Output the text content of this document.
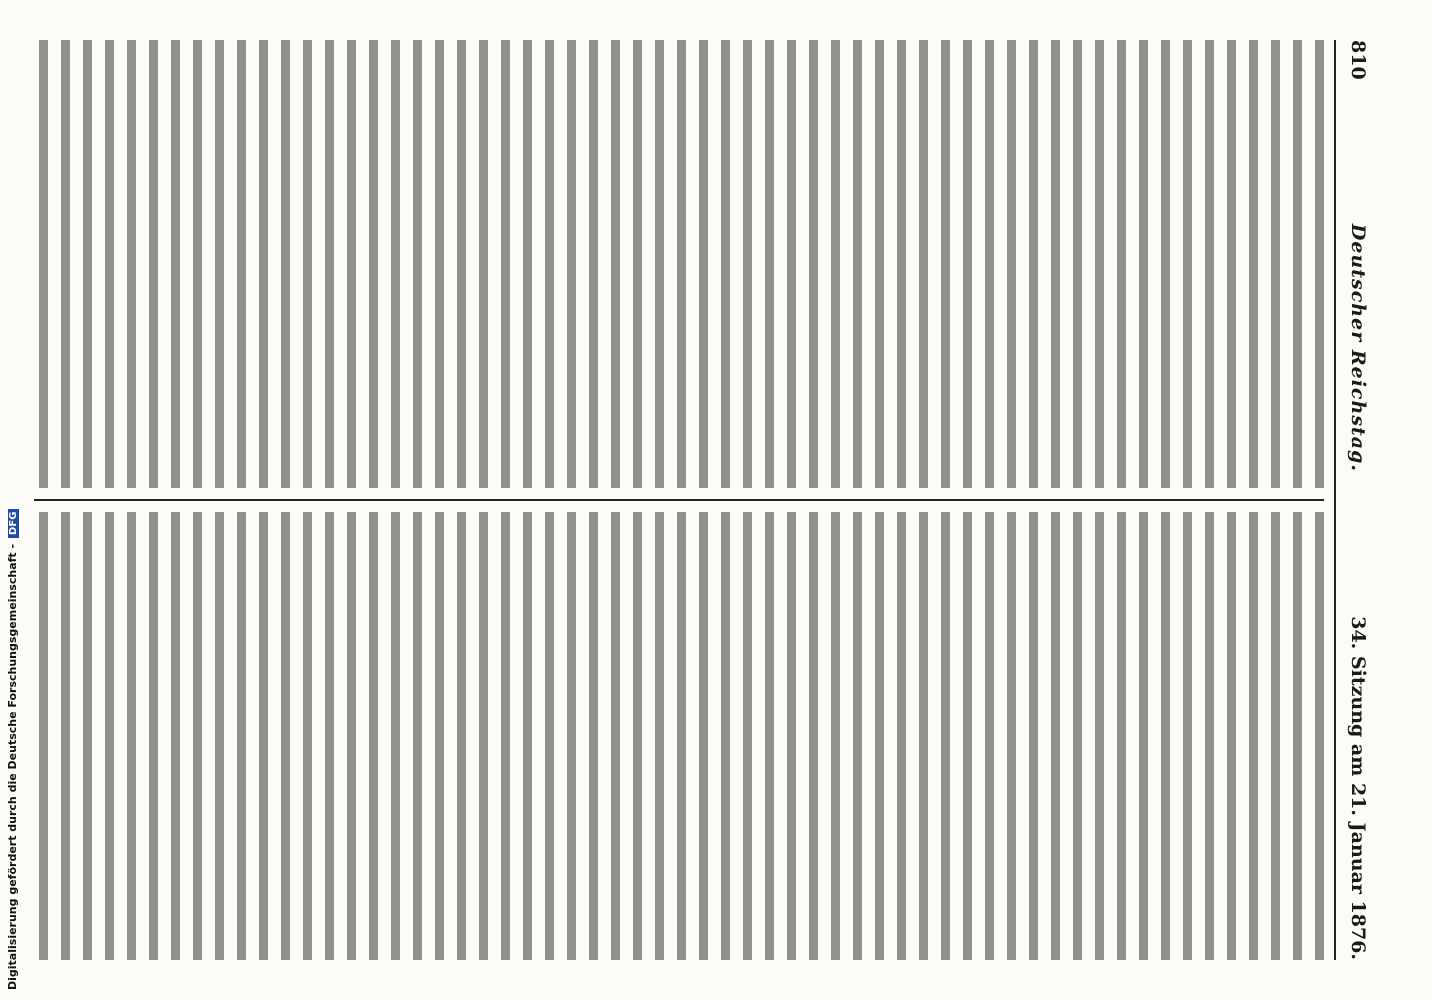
810
Deutscher Reichstag.
34. Sitzung am 21. Januar 1876.
Digitalisierung gefördert durch die Deutsche Forschungsgemeinschaft -DFG
